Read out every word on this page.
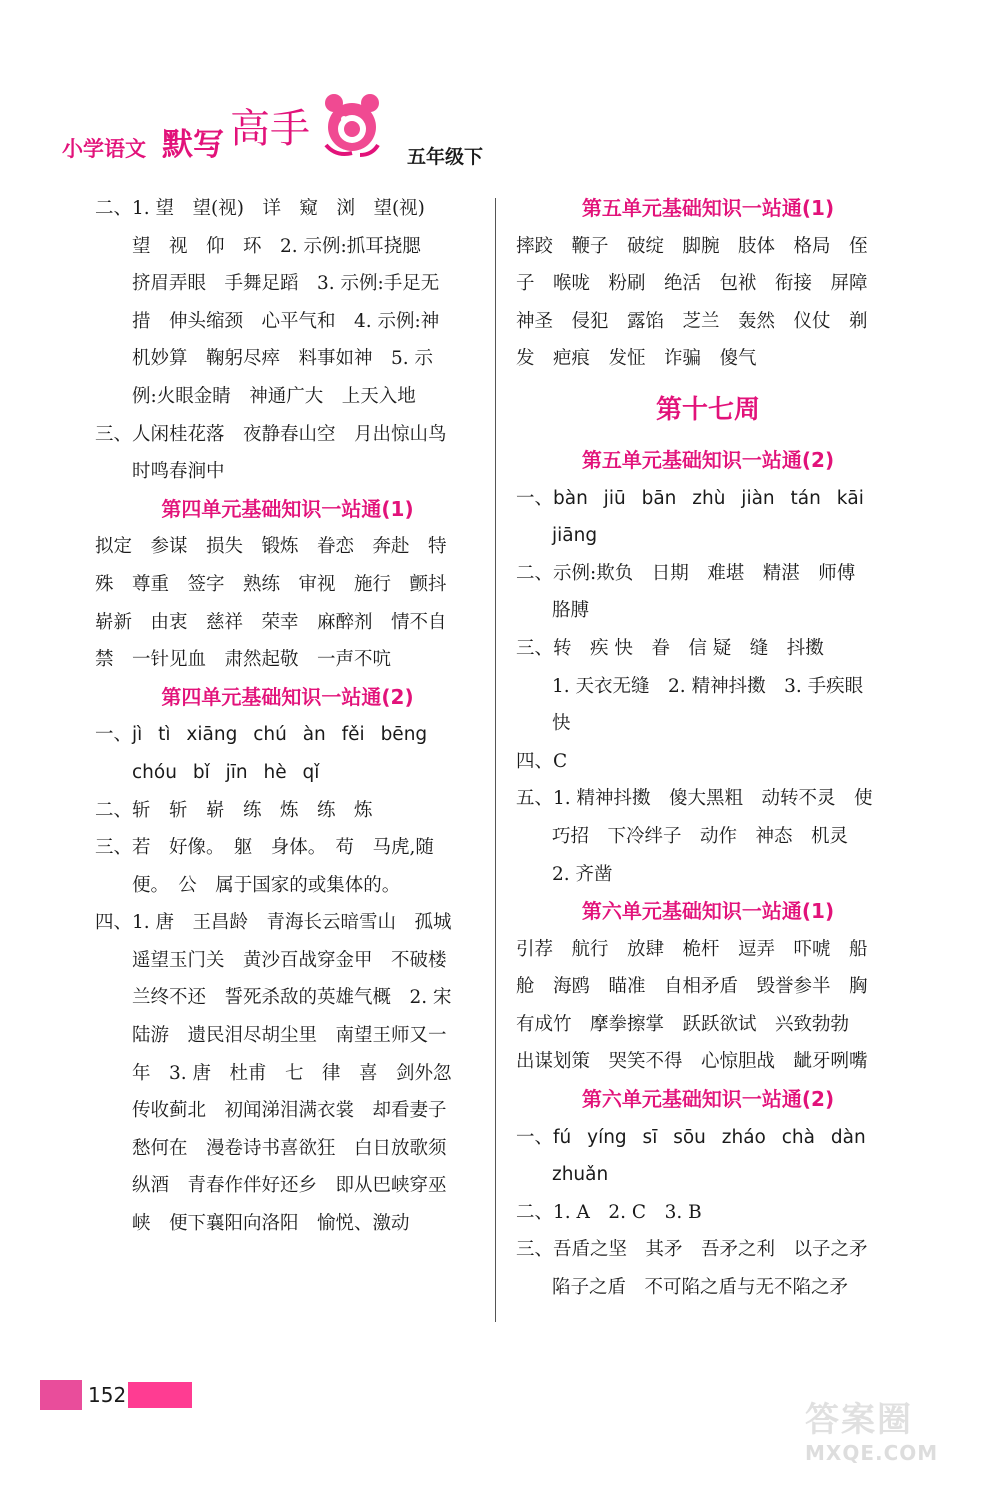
小学语文 默写 高手
五年级下
二、1. 望　望(视)　详　窥　浏　望(视)
望　视　仰　环　2. 示例:抓耳挠腮
挤眉弄眼　手舞足蹈　3. 示例:手足无
措　伸头缩颈　心平气和　4. 示例:神
机妙算　鞠躬尽瘁　料事如神　5. 示
例:火眼金睛　神通广大　上天入地
三、人闲桂花落　夜静春山空　月出惊山鸟
时鸣春涧中
第四单元基础知识一站通(1)
拟定　参谋　损失　锻炼　眷恋　奔赴　特
殊　尊重　签字　熟练　审视　施行　颤抖
崭新　由衷　慈祥　荣幸　麻醉剂　情不自
禁　一针见血　肃然起敬　一声不吭
第四单元基础知识一站通(2)
一、jì tì xiāng chú àn fěi bēng
chóu bǐ jīn hè qǐ
二、斩　斩　崭　练　炼　练　炼
三、若　好像。　躯　身体。　苟　马虎,随
便。　公　属于国家的或集体的。
四、1. 唐　王昌龄　青海长云暗雪山　孤城
遥望玉门关　黄沙百战穿金甲　不破楼
兰终不还　誓死杀敌的英雄气概　2. 宋
陆游　遗民泪尽胡尘里　南望王师又一
年　3. 唐　杜甫　七　律　喜　剑外忽
传收蓟北　初闻涕泪满衣裳　却看妻子
愁何在　漫卷诗书喜欲狂　白日放歌须
纵酒　青春作伴好还乡　即从巴峡穿巫
峡　便下襄阳向洛阳　愉悦、激动
第五单元基础知识一站通(1)
摔跤　鞭子　破绽　脚腕　肢体　格局　侄
子　喉咙　粉刷　绝活　包袱　衔接　屏障
神圣　侵犯　露馅　芝兰　轰然　仪仗　剃
发　疤痕　发怔　诈骗　傻气
第十七周
第五单元基础知识一站通(2)
一、bàn jiū bān zhù jiàn tán kāi
jiāng
二、示例:欺负　日期　难堪　精湛　师傅
胳膊
三、转　疾 快　眷　信 疑　缝　抖擞
1. 天衣无缝　2. 精神抖擞　3. 手疾眼
快
四、C
五、1. 精神抖擞　傻大黑粗　动转不灵　使
巧招　下冷绊子　动作　神态　机灵
2. 齐凿
第六单元基础知识一站通(1)
引荐　航行　放肆　桅杆　逗弄　吓唬　船
舱　海鸥　瞄准　自相矛盾　毁誉参半　胸
有成竹　摩拳擦掌　跃跃欲试　兴致勃勃
出谋划策　哭笑不得　心惊胆战　龇牙咧嘴
第六单元基础知识一站通(2)
一、fú yíng sī sōu zháo chà dàn
zhuǎn
二、1. A　2. C　3. B
三、吾盾之坚　其矛　吾矛之利　以子之矛
陷子之盾　不可陷之盾与无不陷之矛
152
答案圈
MXQE.COM
